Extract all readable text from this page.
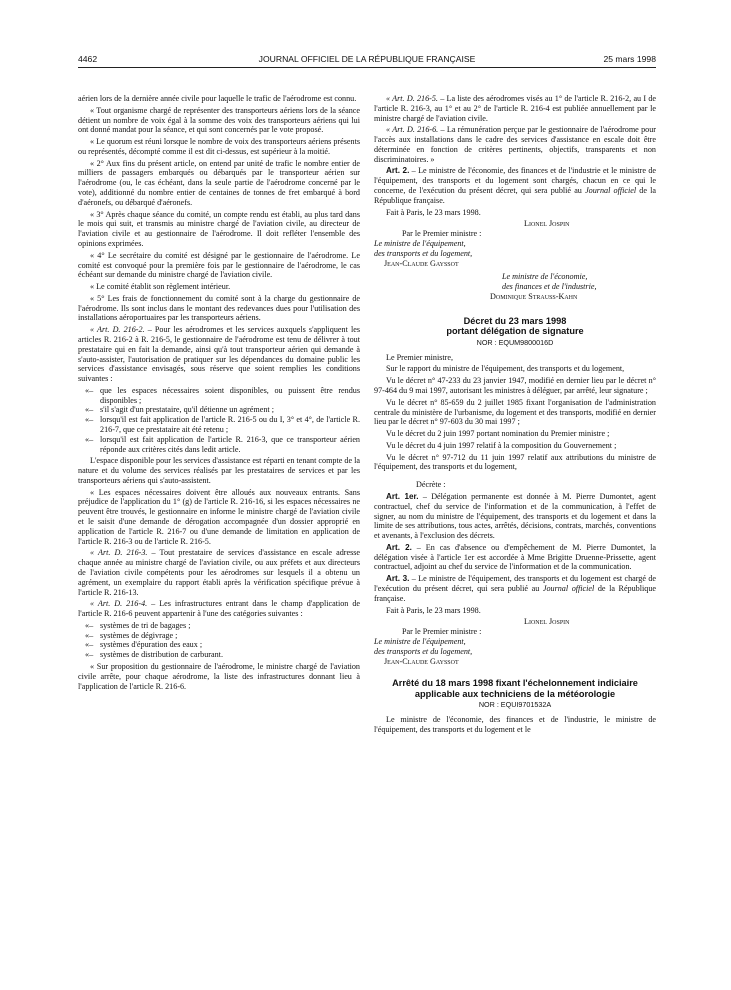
4462	JOURNAL OFFICIEL DE LA RÉPUBLIQUE FRANÇAISE	25 mars 1998

aérien lors de la dernière année civile pour laquelle le trafic de l'aérodrome est connu.

« Tout organisme chargé de représenter des transporteurs aériens lors de la séance détient un nombre de voix égal à la somme des voix des transporteurs aériens qui lui ont donné mandat pour la séance, et qui sont concernés par le vote proposé.

« Le quorum est réuni lorsque le nombre de voix des transporteurs aériens présents ou représentés, décompté comme il est dit ci-dessus, est supérieur à la moitié.

« 2° Aux fins du présent article, on entend par unité de trafic le nombre entier de milliers de passagers embarqués ou débarqués par le transporteur aérien sur l'aérodrome (ou, le cas échéant, dans la seule partie de l'aérodrome concerné par le vote), additionné du nombre entier de centaines de tonnes de fret embarqué à bord d'aéronefs, ou débarqué d'aéronefs.

« 3° Après chaque séance du comité, un compte rendu est établi, au plus tard dans le mois qui suit, et transmis au ministre chargé de l'aviation civile, au directeur de l'aviation civile et au gestionnaire de l'aérodrome. Il doit refléter l'ensemble des opinions exprimées.

« 4° Le secrétaire du comité est désigné par le gestionnaire de l'aérodrome. Le comité est convoqué pour la première fois par le gestionnaire de l'aérodrome, le cas échéant sur demande du ministre chargé de l'aviation civile.

« Le comité établit son règlement intérieur.

« 5° Les frais de fonctionnement du comité sont à la charge du gestionnaire de l'aérodrome. Ils sont inclus dans le montant des redevances dues pour l'utilisation des installations aéroportuaires par les transporteurs aériens.

« Art. D. 216-2. – Pour les aérodromes et les services auxquels s'appliquent les articles R. 216-2 à R. 216-5, le gestionnaire de l'aérodrome est tenu de délivrer à tout prestataire qui en fait la demande, ainsi qu'à tout transporteur aérien qui demande à s'auto-assister, l'autorisation de pratiquer sur les dépendances du domaine public les services d'assistance envisagés, sous réserve que soient remplies les conditions suivantes :

«– que les espaces nécessaires soient disponibles, ou puissent être rendus disponibles ;
«– s'il s'agit d'un prestataire, qu'il détienne un agrément ;
«– lorsqu'il est fait application de l'article R. 216-5 ou du I, 3° et 4°, de l'article R. 216-7, que ce prestataire ait été retenu ;
«– lorsqu'il est fait application de l'article R. 216-3, que ce transporteur aérien réponde aux critères cités dans ledit article.

L'espace disponible pour les services d'assistance est réparti en tenant compte de la nature et du volume des services réalisés par les prestataires de services et par les transporteurs aériens qui s'auto-assistent.

« Les espaces nécessaires doivent être alloués aux nouveaux entrants. Sans préjudice de l'application du 1° (g) de l'article R. 216-16, si les espaces nécessaires ne peuvent être trouvés, le gestionnaire en informe le ministre chargé de l'aviation civile et le saisit d'une demande de dérogation accompagnée d'un dossier approprié en application de l'article R. 216-7 ou d'une demande de limitation en application de l'article R. 216-3 ou de l'article R. 216-5.

« Art. D. 216-3. – Tout prestataire de services d'assistance en escale adresse chaque année au ministre chargé de l'aviation civile, ou aux préfets et aux directeurs de l'aviation civile compétents pour les aérodromes sur lesquels il a obtenu un agrément, un exemplaire du rapport établi après la vérification spécifique prévue à l'article R. 216-13.

« Art. D. 216-4. – Les infrastructures entrant dans le champ d'application de l'article R. 216-6 peuvent appartenir à l'une des catégories suivantes :

«– systèmes de tri de bagages ;
«– systèmes de dégivrage ;
«– systèmes d'épuration des eaux ;
«– systèmes de distribution de carburant.

« Sur proposition du gestionnaire de l'aérodrome, le ministre chargé de l'aviation civile arrête, pour chaque aérodrome, la liste des infrastructures donnant lieu à l'application de l'article R. 216-6.

« Art. D. 216-5. – La liste des aérodromes visés au 1° de l'article R. 216-2, au I de l'article R. 216-3, au 1° et au 2° de l'article R. 216-4 est publiée annuellement par le ministre chargé de l'aviation civile.

« Art. D. 216-6. – La rémunération perçue par le gestionnaire de l'aérodrome pour l'accès aux installations dans le cadre des services d'assistance en escale doit être déterminée en fonction de critères pertinents, objectifs, transparents et non discriminatoires. »

Art. 2. – Le ministre de l'économie, des finances et de l'industrie et le ministre de l'équipement, des transports et du logement sont chargés, chacun en ce qui le concerne, de l'exécution du présent décret, qui sera publié au Journal officiel de la République française.

Fait à Paris, le 23 mars 1998.

Lionel Jospin

Par le Premier ministre :

Le ministre de l'équipement,

des transports et du logement,

Jean-Claude Gayssot

Le ministre de l'économie,

des finances et de l'industrie,

Dominique Strauss-Kahn

Décret du 23 mars 1998
portant délégation de signature
NOR : EQUM9800016D

Le Premier ministre,

Sur le rapport du ministre de l'équipement, des transports et du logement,

Vu le décret n° 47-233 du 23 janvier 1947, modifié en dernier lieu par le décret n° 97-464 du 9 mai 1997, autorisant les ministres à déléguer, par arrêté, leur signature ;

Vu le décret n° 85-659 du 2 juillet 1985 fixant l'organisation de l'administration centrale du ministère de l'urbanisme, du logement et des transports, modifié en dernier lieu par le décret n° 97-603 du 30 mai 1997 ;

Vu le décret du 2 juin 1997 portant nomination du Premier ministre ;

Vu le décret du 4 juin 1997 relatif à la composition du Gouvernement ;

Vu le décret n° 97-712 du 11 juin 1997 relatif aux attributions du ministre de l'équipement, des transports et du logement,

Décrète :

Art. 1er. – Délégation permanente est donnée à M. Pierre Dumontet, agent contractuel, chef du service de l'information et de la communication, à l'effet de signer, au nom du ministre de l'équipement, des transports et du logement et dans la limite de ses attributions, tous actes, arrêtés, décisions, contrats, marchés, conventions et avenants, à l'exclusion des décrets.

Art. 2. – En cas d'absence ou d'empêchement de M. Pierre Dumontet, la délégation visée à l'article 1er est accordée à Mme Brigitte Druenne-Prissette, agent contractuel, adjoint au chef du service de l'information et de la communication.

Art. 3. – Le ministre de l'équipement, des transports et du logement est chargé de l'exécution du présent décret, qui sera publié au Journal officiel de la République française.

Fait à Paris, le 23 mars 1998.

Lionel Jospin

Par le Premier ministre :

Le ministre de l'équipement,

des transports et du logement,

Jean-Claude Gayssot

Arrêté du 18 mars 1998 fixant l'échelonnement indiciaire
applicable aux techniciens de la météorologie
NOR : EQUI9701532A

Le ministre de l'économie, des finances et de l'industrie, le ministre de l'équipement, des transports et du logement et le
